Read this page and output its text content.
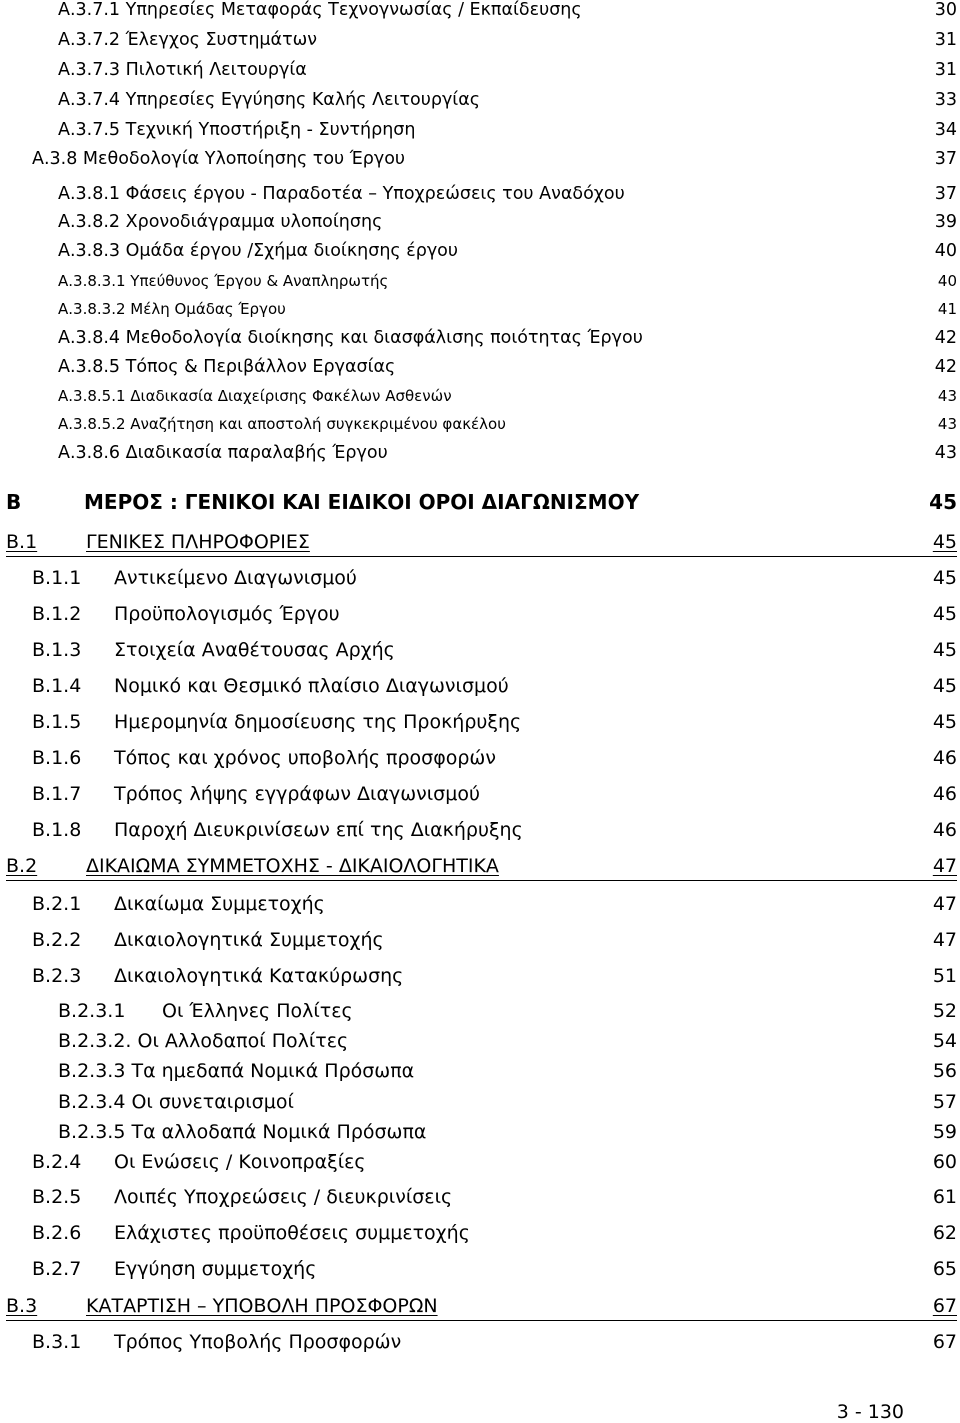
Α.3.7.1 Υπηρεσίες Μεταφοράς Τεχνογνωσίας / Εκπαίδευσης	30
Α.3.7.2 Έλεγχος Συστημάτων	31
Α.3.7.3 Πιλοτική Λειτουργία	31
Α.3.7.4 Υπηρεσίες Εγγύησης Καλής Λειτουργίας	33
Α.3.7.5 Τεχνική Υποστήριξη - Συντήρηση	34
Α.3.8 Μεθοδολογία Υλοποίησης του Έργου	37
Α.3.8.1 Φάσεις έργου - Παραδοτέα – Υποχρεώσεις του Αναδόχου	37
Α.3.8.2 Χρονοδιάγραμμα υλοποίησης	39
Α.3.8.3 Ομάδα έργου /Σχήμα διοίκησης έργου	40
Α.3.8.3.1 Υπεύθυνος Έργου & Αναπληρωτής	40
Α.3.8.3.2 Μέλη Ομάδας Έργου	41
Α.3.8.4 Μεθοδολογία διοίκησης και διασφάλισης ποιότητας Έργου	42
Α.3.8.5 Τόπος & Περιβάλλον Εργασίας	42
Α.3.8.5.1 Διαδικασία Διαχείρισης Φακέλων Ασθενών	43
Α.3.8.5.2 Αναζήτηση και αποστολή συγκεκριμένου φακέλου	43
Α.3.8.6 Διαδικασία παραλαβής Έργου	43
Β	ΜΕΡΟΣ : ΓΕΝΙΚΟΙ ΚΑΙ ΕΙΔΙΚΟΙ ΟΡΟΙ ΔΙΑΓΩΝΙΣΜΟΥ	45
Β.1	ΓΕΝΙΚΕΣ ΠΛΗΡΟΦΟΡΙΕΣ	45
Β.1.1 Αντικείμενο Διαγωνισμού	45
Β.1.2 Προϋπολογισμός Έργου	45
Β.1.3 Στοιχεία Αναθέτουσας Αρχής	45
Β.1.4 Νομικό και Θεσμικό πλαίσιο Διαγωνισμού	45
Β.1.5 Ημερομηνία δημοσίευσης της Προκήρυξης	45
Β.1.6 Τόπος και χρόνος υποβολής προσφορών	46
Β.1.7 Τρόπος λήψης εγγράφων Διαγωνισμού	46
Β.1.8 Παροχή Διευκρινίσεων επί της Διακήρυξης	46
Β.2	ΔΙΚΑΙΩΜΑ ΣΥΜΜΕΤΟΧΗΣ - ΔΙΚΑΙΟΛΟΓΗΤΙΚΑ	47
Β.2.1 Δικαίωμα Συμμετοχής	47
Β.2.2 Δικαιολογητικά Συμμετοχής	47
Β.2.3 Δικαιολογητικά Κατακύρωσης	51
Β.2.3.1 Οι Έλληνες Πολίτες	52
Β.2.3.2. Οι Αλλοδαποί Πολίτες	54
Β.2.3.3 Τα ημεδαπά Νομικά Πρόσωπα	56
Β.2.3.4 Οι συνεταιρισμοί	57
Β.2.3.5 Τα αλλοδαπά Νομικά Πρόσωπα	59
Β.2.4 Οι Ενώσεις / Κοινοπραξίες	60
Β.2.5 Λοιπές Υποχρεώσεις / διευκρινίσεις	61
Β.2.6 Ελάχιστες προϋποθέσεις συμμετοχής	62
Β.2.7 Εγγύηση συμμετοχής	65
Β.3	ΚΑΤΑΡΤΙΣΗ – ΥΠΟΒΟΛΗ ΠΡΟΣΦΟΡΩΝ	67
Β.3.1 Τρόπος Υποβολής Προσφορών	67
3 - 130
